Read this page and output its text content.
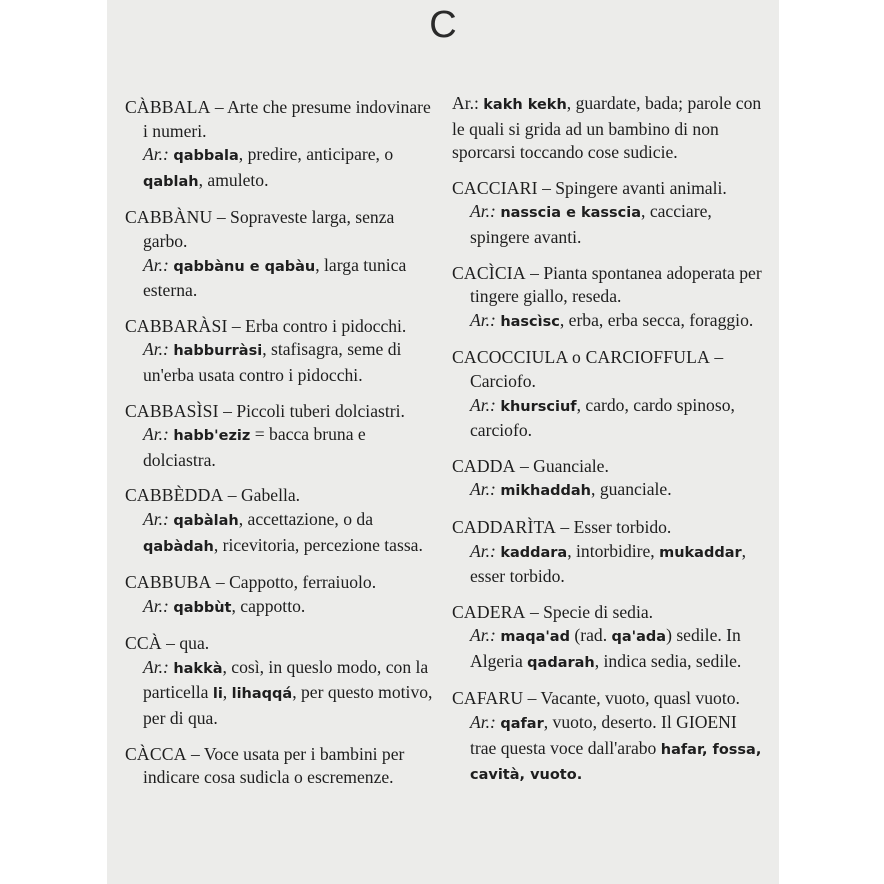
C

CÀBBALA – Arte che presume indovinare i numeri.

Ar.: qabbala, predire, anticipare, o qablah, amuleto.

CABBÀNU – Sopraveste larga, senza garbo.

Ar.: qabbànu e qabàu, larga tunica esterna.

CABBARÀSI – Erba contro i pidocchi.

Ar.: habburràsi, stafisagra, seme di un'erba usata contro i pidocchi.

CABBASÌSI – Piccoli tuberi dolciastri.

Ar.: habb'eziz = bacca bruna e dolciastra.

CABBÈDDA – Gabella.

Ar.: qabàlah, accettazione, o da qabàdah, ricevitoria, percezione tassa.

CABBUBA – Cappotto, ferraiuolo.

Ar.: qabbùt, cappotto.

CCÀ – qua.

Ar.: hakkà, così, in queslo modo, con la particella li, lihaqqá, per questo motivo, per di qua.

CÀCCA – Voce usata per i bambini per indicare cosa sudicla o escremenze.

Ar.: kakh kekh, guardate, bada; parole con le quali si grida ad un bambino di non sporcarsi toccando cose sudicie.

CACCIARI – Spingere avanti animali.

Ar.: nasscia e kasscia, cacciare, spingere avanti.

CACÌCIA – Pianta spontanea adoperata per tingere giallo, reseda.

Ar.: hascìsc, erba, erba secca, foraggio.

CACOCCIULA o CARCIOFFULA – Carciofo.

Ar.: khursciuf, cardo, cardo spinoso, carciofo.

CADDA – Guanciale.

Ar.: mikhaddah, guanciale.

CADDARÌTA – Esser torbido.

Ar.: kaddara, intorbidire, mukaddar, esser torbido.

CADERA – Specie di sedia.

Ar.: maqa'ad (rad. qa'ada) sedile. In Algeria qadarah, indica sedia, sedile.

CAFARU – Vacante, vuoto, quasl vuoto.

Ar.: qafar, vuoto, deserto. Il GIOENI trae questa voce dall'arabo hafar, fossa, cavità, vuoto.
